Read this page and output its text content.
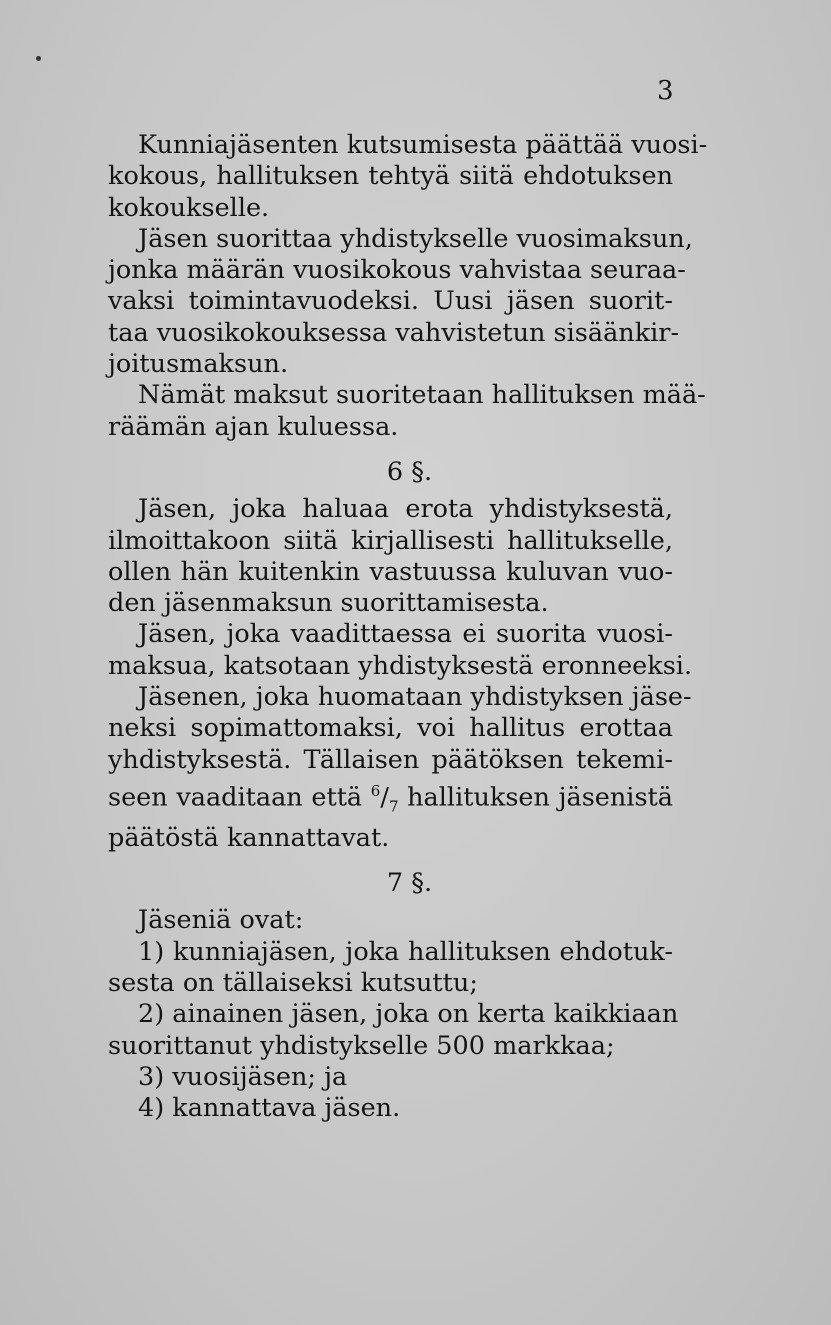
3
Kunniajäsenten kutsumisesta päättää vuosi-
kokous, hallituksen tehtyä siitä ehdotuksen
kokoukselle.
Jäsen suorittaa yhdistykselle vuosimaksun,
jonka määrän vuosikokous vahvistaa seuraa-
vaksi toimintavuodeksi. Uusi jäsen suorit-
taa vuosikokouksessa vahvistetun sisäänkir-
joitusmaksun.
Nämät maksut suoritetaan hallituksen mää-
räämän ajan kuluessa.
6 §.
Jäsen, joka haluaa erota yhdistyksestä,
ilmoittakoon siitä kirjallisesti hallitukselle,
ollen hän kuitenkin vastuussa kuluvan vuo-
den jäsenmaksun suorittamisesta.
Jäsen, joka vaadittaessa ei suorita vuosi-
maksua, katsotaan yhdistyksestä eronneeksi.
Jäsenen, joka huomataan yhdistyksen jäse-
neksi sopimattomaksi, voi hallitus erottaa
yhdistyksestä. Tällaisen päätöksen tekemi-
seen vaaditaan että $^6/_7$ hallituksen jäsenistä
päätöstä kannattavat.
7 §.
Jäseniä ovat:
1) kunniajäsen, joka hallituksen ehdotuk-
sesta on tällaiseksi kutsuttu;
2) ainainen jäsen, joka on kerta kaikkiaan
suorittanut yhdistykselle 500 markkaa;
3) vuosijäsen; ja
4) kannattava jäsen.
